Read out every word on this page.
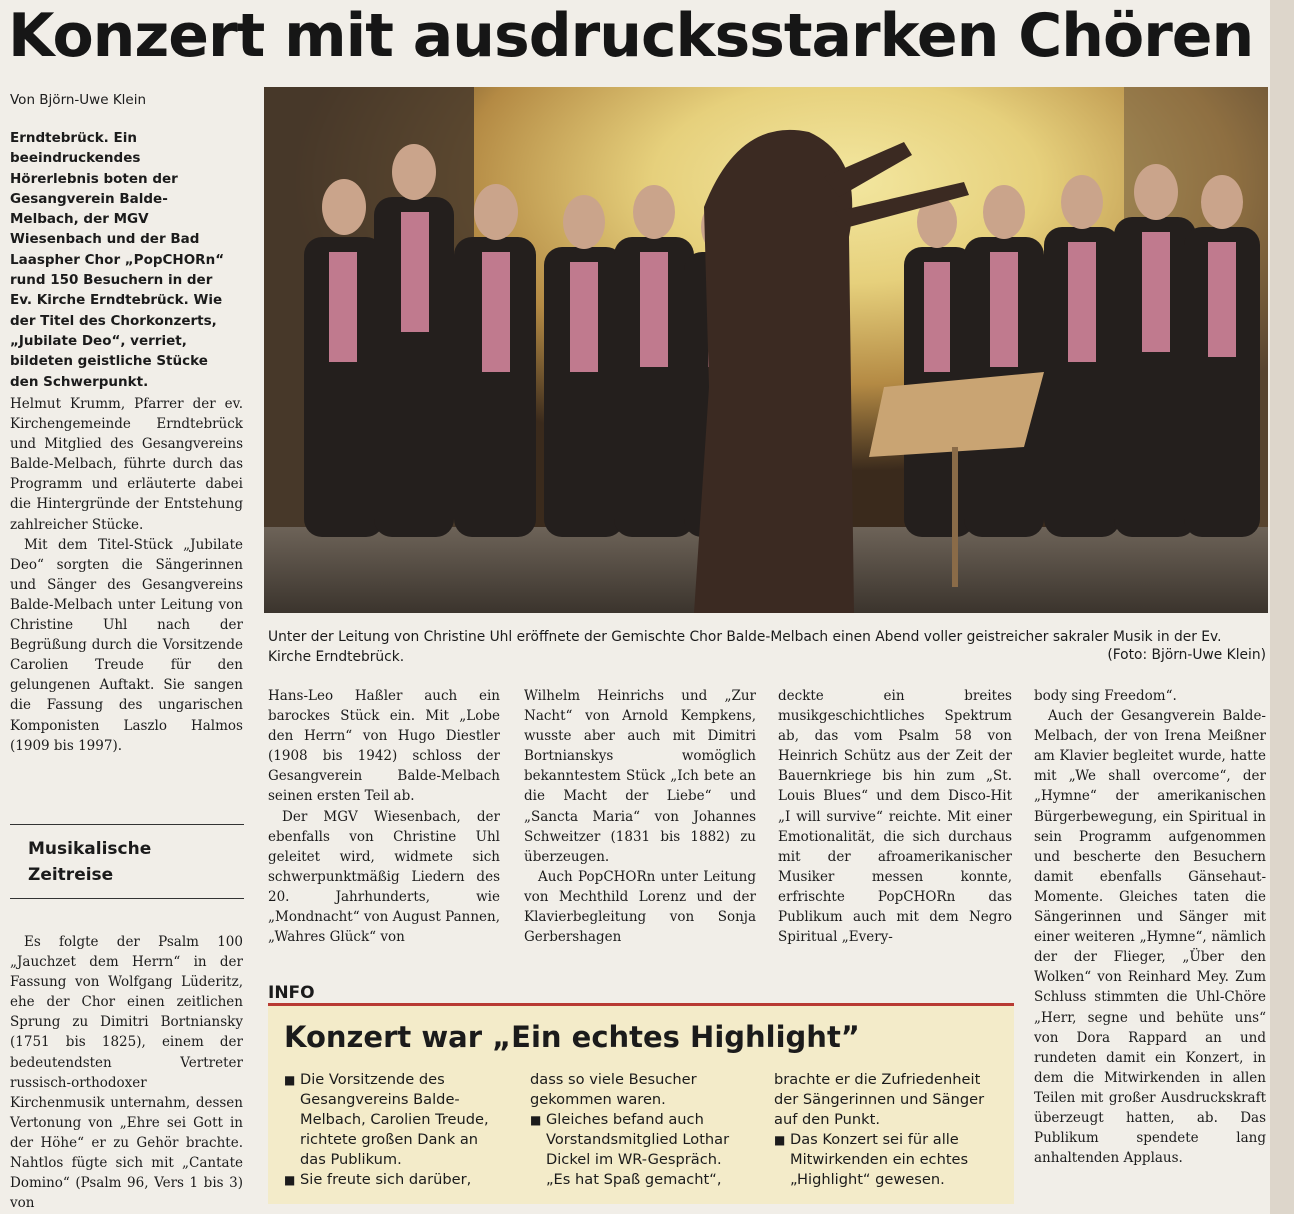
Konzert mit ausdrucksstarken Chören
Von Björn-Uwe Klein
Erndtebrück. Ein beeindruckendes Hörerlebnis boten der Gesangverein Balde-Melbach, der MGV Wiesenbach und der Bad Laaspher Chor „PopCHORn“ rund 150 Besuchern in der Ev. Kirche Erndtebrück. Wie der Titel des Chorkonzerts, „Jubilate Deo“, verriet, bildeten geistliche Stücke den Schwerpunkt.

Helmut Krumm, Pfarrer der ev. Kirchengemeinde Erndtebrück und Mitglied des Gesangvereins Balde-Melbach, führte durch das Programm und erläuterte dabei die Hintergründe der Entstehung zahlreicher Stücke.

Mit dem Titel-Stück „Jubilate Deo“ sorgten die Sängerinnen und Sänger des Gesangvereins Balde-Melbach unter Leitung von Christine Uhl nach der Begrüßung durch die Vorsitzende Carolien Treude für den gelungenen Auftakt. Sie sangen die Fassung des ungarischen Komponisten Laszlo Halmos (1909 bis 1997).

Musikalische Zeitreise

Es folgte der Psalm 100 „Jauchzet dem Herrn“ in der Fassung von Wolfgang Lüderitz, ehe der Chor einen zeitlichen Sprung zu Dimitri Bortniansky (1751 bis 1825), einem der bedeutendsten Vertreter russisch-orthodoxer Kirchenmusik unternahm, dessen Vertonung von „Ehre sei Gott in der Höhe“ er zu Gehör brachte. Nahtlos fügte sich mit „Cantate Domino“ (Psalm 96, Vers 1 bis 3) von

Unter der Leitung von Christine Uhl eröffnete der Gemischte Chor Balde-Melbach einen Abend voller geistreicher sakraler Musik in der Ev. Kirche Erndtebrück.	(Foto: Björn-Uwe Klein)

Hans-Leo Haßler auch ein barockes Stück ein. Mit „Lobe den Herrn“ von Hugo Diestler (1908 bis 1942) schloss der Gesangverein Balde-Melbach seinen ersten Teil ab.

Der MGV Wiesenbach, der ebenfalls von Christine Uhl geleitet wird, widmete sich schwerpunktmäßig Liedern des 20. Jahrhunderts, wie „Mondnacht“ von August Pannen, „Wahres Glück“ von

Wilhelm Heinrichs und „Zur Nacht“ von Arnold Kempkens, wusste aber auch mit Dimitri Bortnianskys womöglich bekanntestem Stück „Ich bete an die Macht der Liebe“ und „Sancta Maria“ von Johannes Schweitzer (1831 bis 1882) zu überzeugen.

Auch PopCHORn unter Leitung von Mechthild Lorenz und der Klavierbegleitung von Sonja Gerbershagen

deckte ein breites musikgeschichtliches Spektrum ab, das vom Psalm 58 von Heinrich Schütz aus der Zeit der Bauernkriege bis hin zum „St. Louis Blues“ und dem Disco-Hit „I will survive“ reichte. Mit einer Emotionalität, die sich durchaus mit der afroamerikanischer Musiker messen konnte, erfrischte PopCHORn das Publikum auch mit dem Negro Spiritual „Every-

body sing Freedom“.

Auch der Gesangverein Balde-Melbach, der von Irena Meißner am Klavier begleitet wurde, hatte mit „We shall overcome“, der „Hymne“ der amerikanischen Bürgerbewegung, ein Spiritual in sein Programm aufgenommen und bescherte den Besuchern damit ebenfalls Gänsehaut-Momente. Gleiches taten die Sängerinnen und Sänger mit einer weiteren „Hymne“, nämlich der der Flieger, „Über den Wolken“ von Reinhard Mey. Zum Schluss stimmten die Uhl-Chöre „Herr, segne und behüte uns“ von Dora Rappard an und rundeten damit ein Konzert, in dem die Mitwirkenden in allen Teilen mit großer Ausdruckskraft überzeugt hatten, ab. Das Publikum spendete lang anhaltenden Applaus.

INFO
Konzert war „Ein echtes Highlight”

■ Die Vorsitzende des Gesangvereins Balde-Melbach, Carolien Treude, richtete großen Dank an das Publikum.

■ Sie freute sich darüber,

dass so viele Besucher gekommen waren.

■ Gleiches befand auch Vorstandsmitglied Lothar Dickel im WR-Gespräch. „Es hat Spaß gemacht“,

brachte er die Zufriedenheit der Sängerinnen und Sänger auf den Punkt.

■ Das Konzert sei für alle Mitwirkenden ein echtes „Highlight“ gewesen.
